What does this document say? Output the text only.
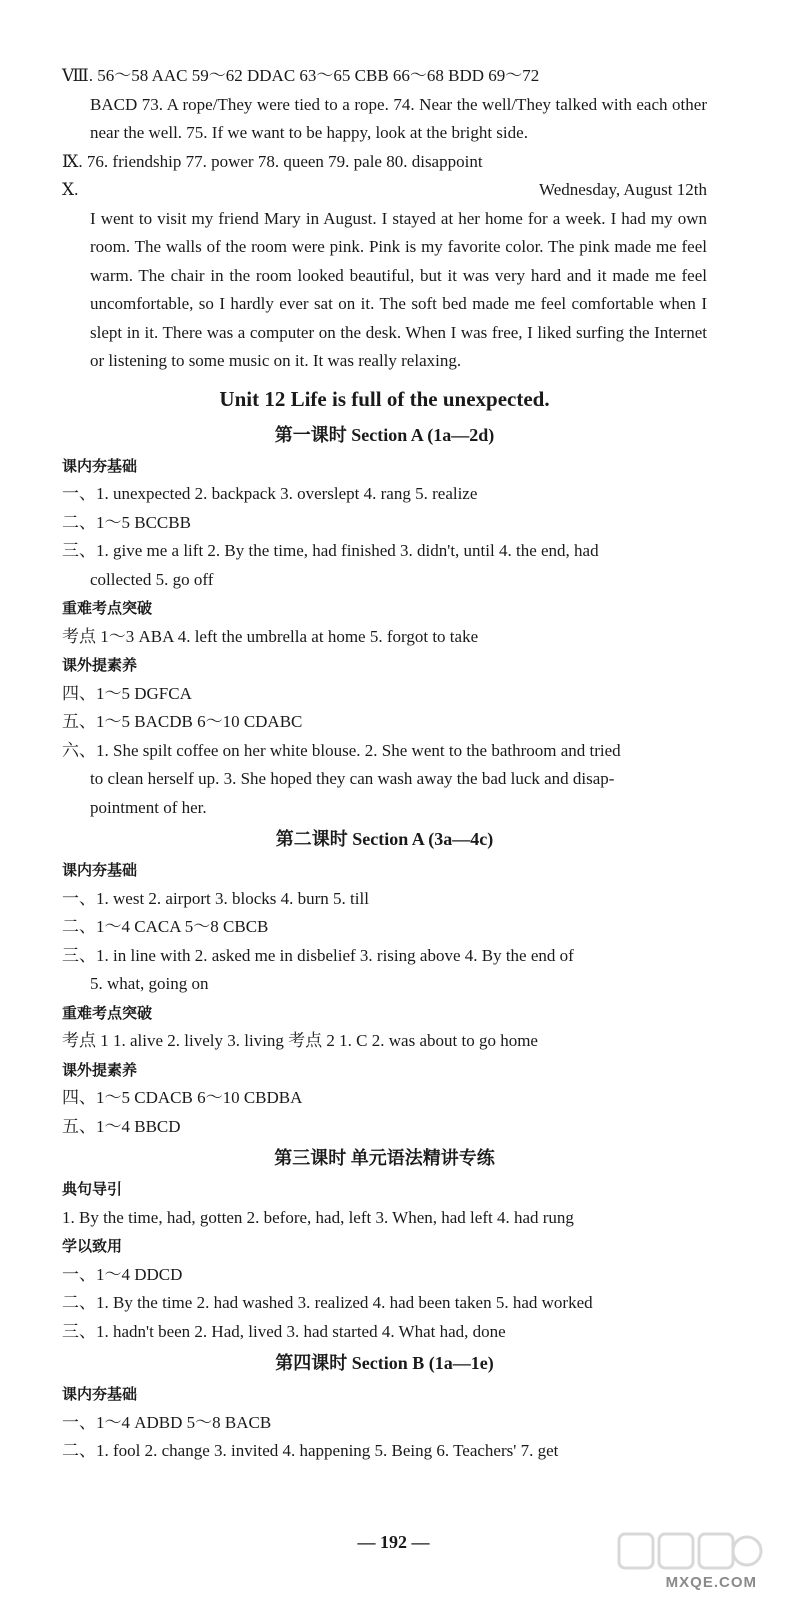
Ⅷ. 56～58 AAC 59～62 DDAC 63～65 CBB 66～68 BDD 69～72
BACD 73. A rope/They were tied to a rope. 74. Near the well/They talked with each other near the well. 75. If we want to be happy, look at the bright side.
Ⅸ. 76. friendship 77. power 78. queen 79. pale 80. disappoint
Ⅹ.	Wednesday, August 12th
I went to visit my friend Mary in August. I stayed at her home for a week. I had my own room. The walls of the room were pink. Pink is my favorite color. The pink made me feel warm. The chair in the room looked beautiful, but it was very hard and it made me feel uncomfortable, so I hardly ever sat on it. The soft bed made me feel comfortable when I slept in it. There was a computer on the desk. When I was free, I liked surfing the Internet or listening to some music on it. It was really relaxing.
Unit 12 Life is full of the unexpected.
第一课时 Section A (1a—2d)
课内夯基础
一、1. unexpected 2. backpack 3. overslept 4. rang 5. realize
二、1～5 BCCBB
三、1. give me a lift 2. By the time, had finished 3. didn't, until 4. the end, had
collected 5. go off
重难考点突破
考点 1～3 ABA 4. left the umbrella at home 5. forgot to take
课外提素养
四、1～5 DGFCA
五、1～5 BACDB 6～10 CDABC
六、1. She spilt coffee on her white blouse. 2. She went to the bathroom and tried
to clean herself up. 3. She hoped they can wash away the bad luck and disap-
pointment of her.
第二课时 Section A (3a—4c)
课内夯基础
一、1. west 2. airport 3. blocks 4. burn 5. till
二、1～4 CACA 5～8 CBCB
三、1. in line with 2. asked me in disbelief 3. rising above 4. By the end of
5. what, going on
重难考点突破
考点 1 1. alive 2. lively 3. living 考点 2 1. C 2. was about to go home
课外提素养
四、1～5 CDACB 6～10 CBDBA
五、1～4 BBCD
第三课时 单元语法精讲专练
典句导引
1. By the time, had, gotten 2. before, had, left 3. When, had left 4. had rung
学以致用
一、1～4 DDCD
二、1. By the time 2. had washed 3. realized 4. had been taken 5. had worked
三、1. hadn't been 2. Had, lived 3. had started 4. What had, done
第四课时 Section B (1a—1e)
课内夯基础
一、1～4 ADBD 5～8 BACB
二、1. fool 2. change 3. invited 4. happening 5. Being 6. Teachers' 7. get
— 192 —
MXQE.COM
